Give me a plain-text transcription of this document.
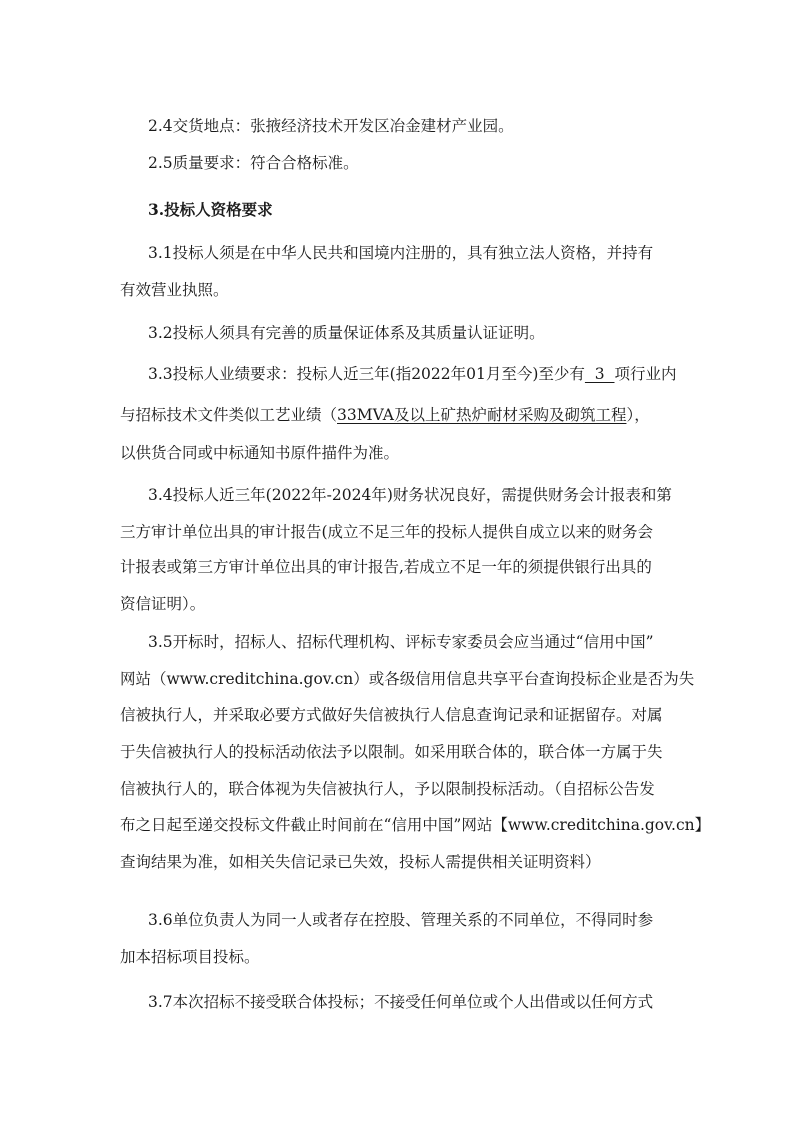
2.4交货地点：张掖经济技术开发区冶金建材产业园。
2.5质量要求：符合合格标准。
3.投标人资格要求
3.1投标人须是在中华人民共和国境内注册的，具有独立法人资格，并持有
有效营业执照。
3.2投标人须具有完善的质量保证体系及其质量认证证明。
3.3投标人业绩要求：投标人近三年(指2022年01月至今)至少有  3  项行业内
与招标技术文件类似工艺业绩（33MVA及以上矿热炉耐材采购及砌筑工程），
以供货合同或中标通知书原件描件为准。
3.4投标人近三年(2022年-2024年)财务状况良好，需提供财务会计报表和第
三方审计单位出具的审计报告(成立不足三年的投标人提供自成立以来的财务会
计报表或第三方审计单位出具的审计报告,若成立不足一年的须提供银行出具的
资信证明）。
3.5开标时，招标人、招标代理机构、评标专家委员会应当通过“信用中国”
网站（www.creditchina.gov.cn）或各级信用信息共享平台查询投标企业是否为失
信被执行人，并采取必要方式做好失信被执行人信息查询记录和证据留存。对属
于失信被执行人的投标活动依法予以限制。如采用联合体的，联合体一方属于失
信被执行人的，联合体视为失信被执行人，予以限制投标活动。（自招标公告发
布之日起至递交投标文件截止时间前在“信用中国”网站【www.creditchina.gov.cn】
查询结果为准，如相关失信记录已失效，投标人需提供相关证明资料）
3.6单位负责人为同一人或者存在控股、管理关系的不同单位，不得同时参
加本招标项目投标。
3.7本次招标不接受联合体投标；不接受任何单位或个人出借或以任何方式
